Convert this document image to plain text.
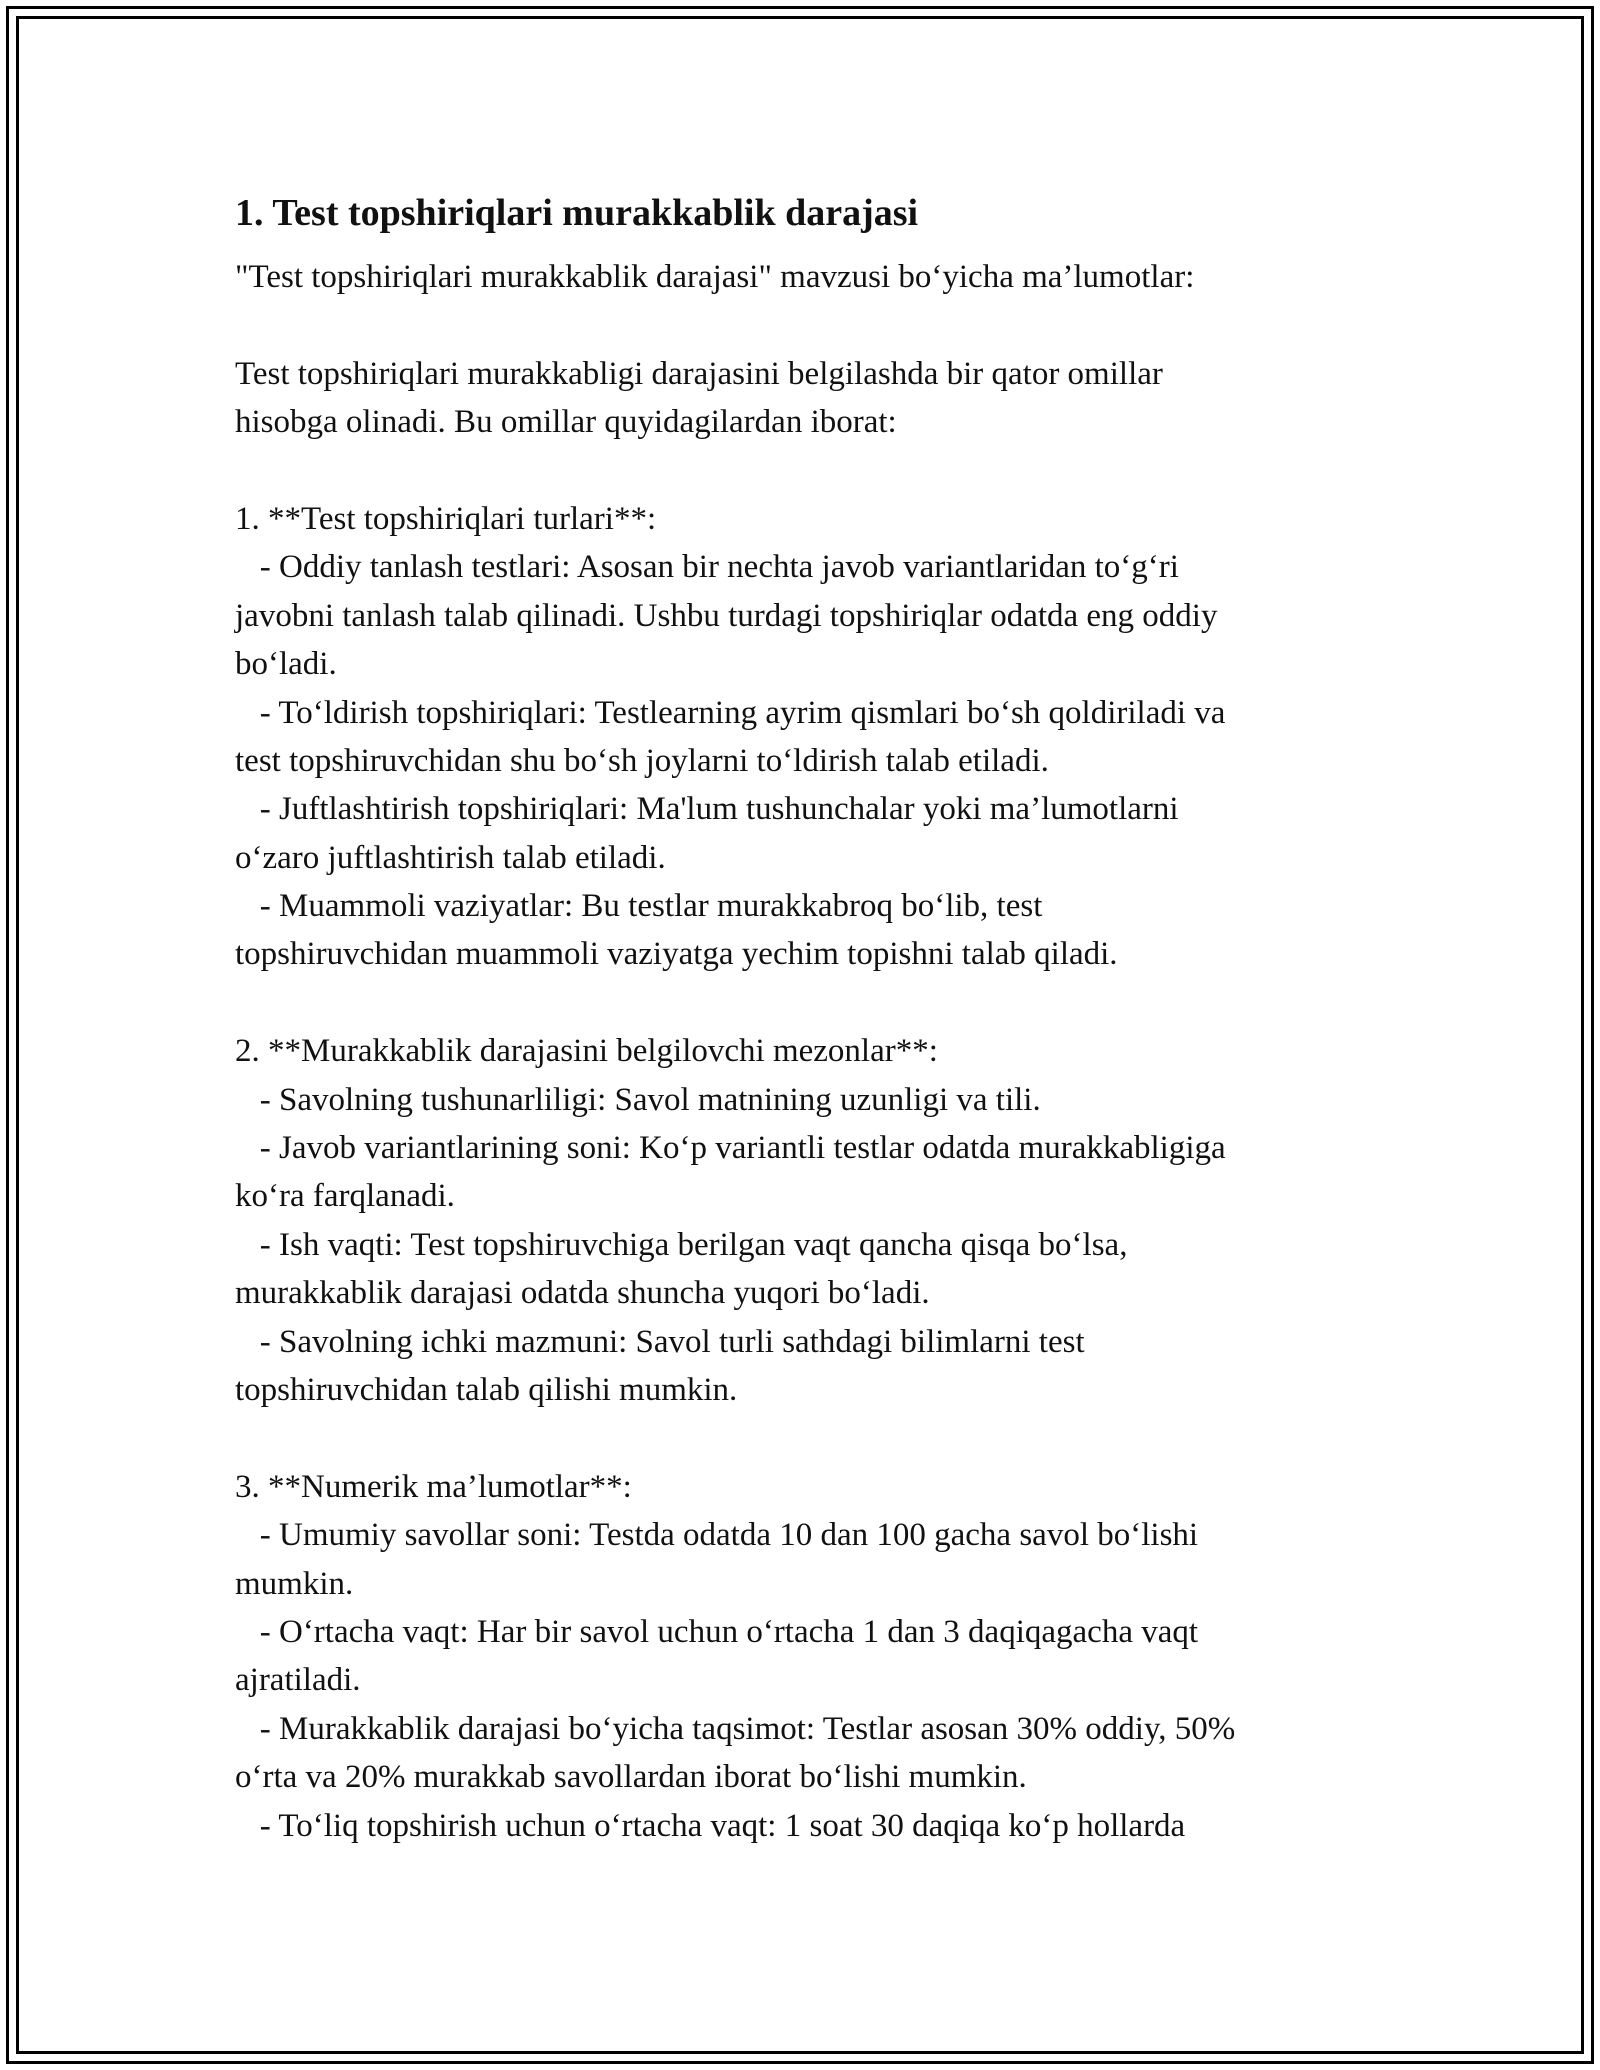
1. Test topshiriqlari murakkablik darajasi
"Test topshiriqlari murakkablik darajasi" mavzusi bo‘yicha ma’lumotlar:
Test topshiriqlari murakkabligi darajasini belgilashda bir qator omillar
hisobga olinadi. Bu omillar quyidagilardan iborat:
1. **Test topshiriqlari turlari**:
- Oddiy tanlash testlari: Asosan bir nechta javob variantlaridan to‘g‘ri
javobni tanlash talab qilinadi. Ushbu turdagi topshiriqlar odatda eng oddiy
bo‘ladi.
- To‘ldirish topshiriqlari: Testlearning ayrim qismlari bo‘sh qoldiriladi va
test topshiruvchidan shu bo‘sh joylarni to‘ldirish talab etiladi.
- Juftlashtirish topshiriqlari: Ma'lum tushunchalar yoki ma’lumotlarni
o‘zaro juftlashtirish talab etiladi.
- Muammoli vaziyatlar: Bu testlar murakkabroq bo‘lib, test
topshiruvchidan muammoli vaziyatga yechim topishni talab qiladi.
2. **Murakkablik darajasini belgilovchi mezonlar**:
- Savolning tushunarliligi: Savol matnining uzunligi va tili.
- Javob variantlarining soni: Ko‘p variantli testlar odatda murakkabligiga
ko‘ra farqlanadi.
- Ish vaqti: Test topshiruvchiga berilgan vaqt qancha qisqa bo‘lsa,
murakkablik darajasi odatda shuncha yuqori bo‘ladi.
- Savolning ichki mazmuni: Savol turli sathdagi bilimlarni test
topshiruvchidan talab qilishi mumkin.
3. **Numerik ma’lumotlar**:
- Umumiy savollar soni: Testda odatda 10 dan 100 gacha savol bo‘lishi
mumkin.
- O‘rtacha vaqt: Har bir savol uchun o‘rtacha 1 dan 3 daqiqagacha vaqt
ajratiladi.
- Murakkablik darajasi bo‘yicha taqsimot: Testlar asosan 30% oddiy, 50%
o‘rta va 20% murakkab savollardan iborat bo‘lishi mumkin.
- To‘liq topshirish uchun o‘rtacha vaqt: 1 soat 30 daqiqa ko‘p hollarda
